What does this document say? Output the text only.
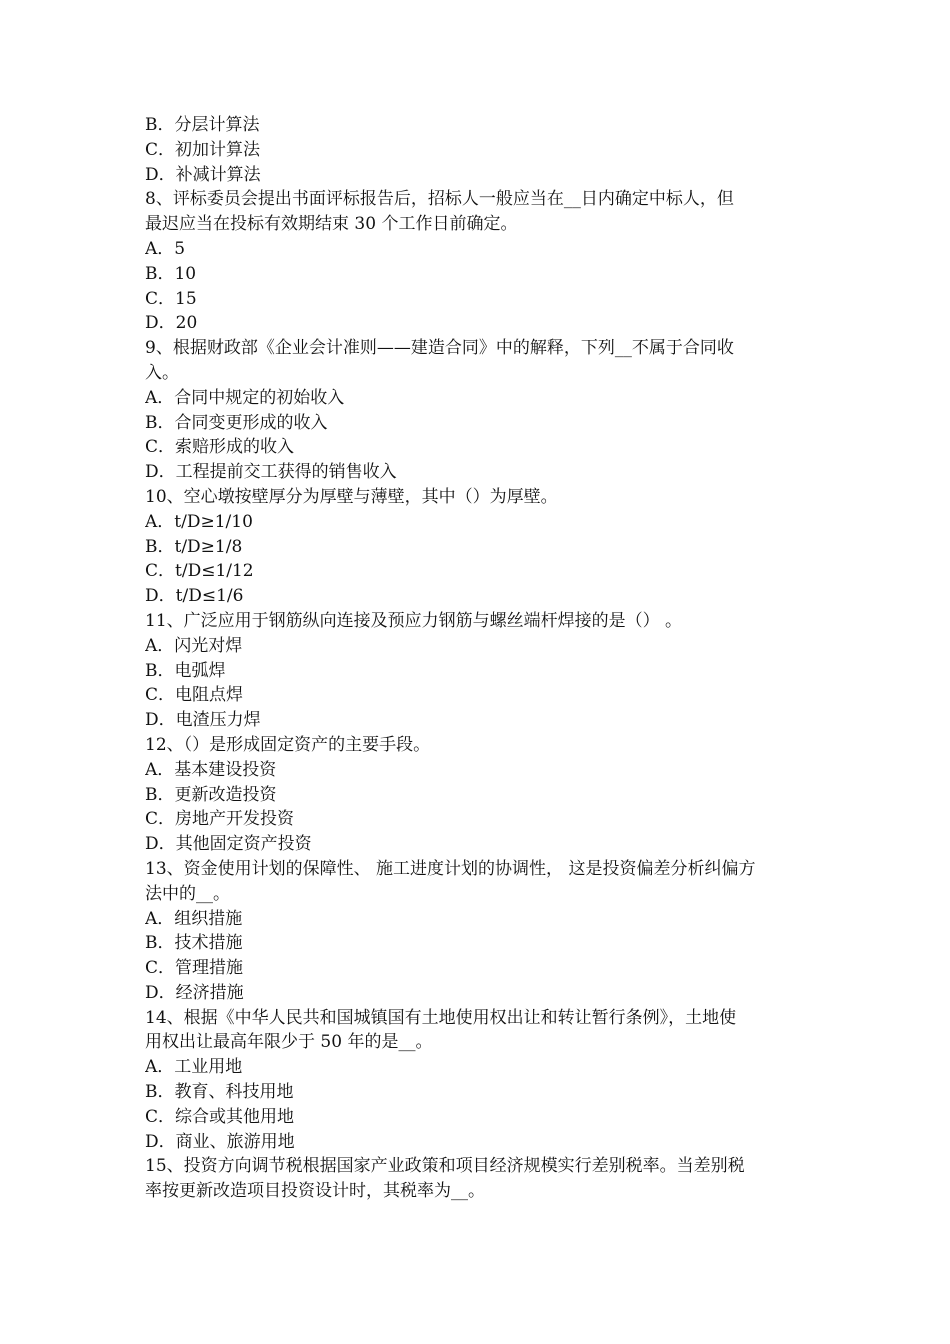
B．分层计算法
C．初加计算法
D．补减计算法
8、评标委员会提出书面评标报告后，招标人一般应当在__日内确定中标人，但
最迟应当在投标有效期结束 30 个工作日前确定。
A．5
B．10
C．15
D．20
9、根据财政部《企业会计准则——建造合同》中的解释，下列__不属于合同收
入。
A．合同中规定的初始收入
B．合同变更形成的收入
C．索赔形成的收入
D．工程提前交工获得的销售收入
10、空心墩按壁厚分为厚壁与薄壁，其中（）为厚壁。
A．t/D≥1/10
B．t/D≥1/8
C．t/D≤1/12
D．t/D≤1/6
11、广泛应用于钢筋纵向连接及预应力钢筋与螺丝端杆焊接的是（） 。
A．闪光对焊
B．电弧焊
C．电阻点焊
D．电渣压力焊
12、（）是形成固定资产的主要手段。
A．基本建设投资
B．更新改造投资
C．房地产开发投资
D．其他固定资产投资
13、资金使用计划的保障性、 施工进度计划的协调性， 这是投资偏差分析纠偏方
法中的__。
A．组织措施
B．技术措施
C．管理措施
D．经济措施
14、根据《中华人民共和国城镇国有土地使用权出让和转让暂行条例》，土地使
用权出让最高年限少于 50 年的是__。
A．工业用地
B．教育、科技用地
C．综合或其他用地
D．商业、旅游用地
15、投资方向调节税根据国家产业政策和项目经济规模实行差别税率。当差别税
率按更新改造项目投资设计时，其税率为__。
